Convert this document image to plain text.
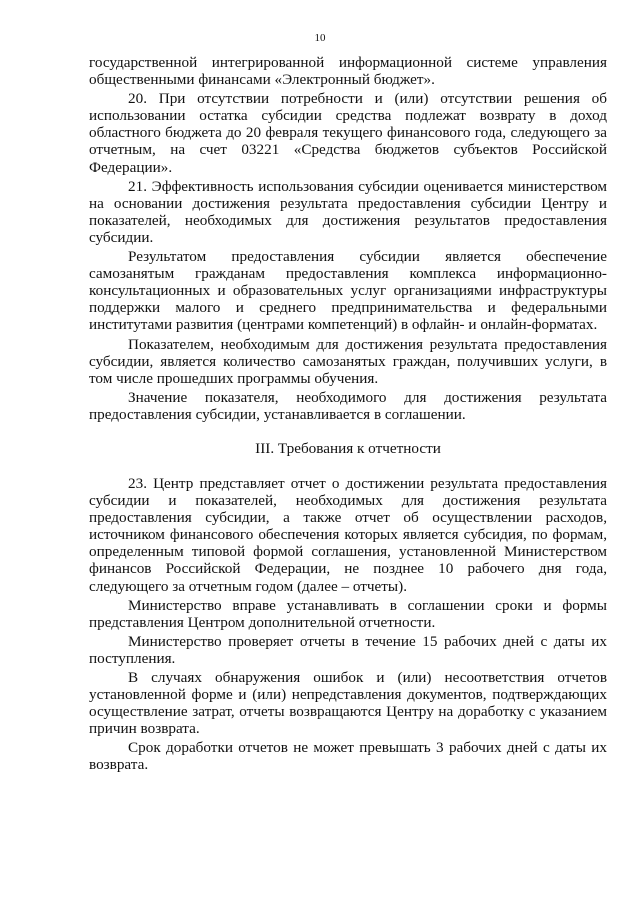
10

государственной интегрированной информационной системе управления общественными финансами «Электронный бюджет».

20. При отсутствии потребности и (или) отсутствии решения об использовании остатка субсидии средства подлежат возврату в доход областного бюджета до 20 февраля текущего финансового года, следующего за отчетным, на счет 03221 «Средства бюджетов субъектов Российской Федерации».

21. Эффективность использования субсидии оценивается министерством на основании достижения результата предоставления субсидии Центру и показателей, необходимых для достижения результатов предоставления субсидии.

Результатом предоставления субсидии является обеспечение самозанятым гражданам предоставления комплекса информационно-консультационных и образовательных услуг организациями инфраструктуры поддержки малого и среднего предпринимательства и федеральными институтами развития (центрами компетенций) в офлайн- и онлайн-форматах.

Показателем, необходимым для достижения результата предоставления субсидии, является количество самозанятых граждан, получивших услуги, в том числе прошедших программы обучения.

Значение показателя, необходимого для достижения результата предоставления субсидии, устанавливается в соглашении.

III. Требования к отчетности

23. Центр представляет отчет о достижении результата предоставления субсидии и показателей, необходимых для достижения результата предоставления субсидии, а также отчет об осуществлении расходов, источником финансового обеспечения которых является субсидия, по формам, определенным типовой формой соглашения, установленной Министерством финансов Российской Федерации, не позднее 10 рабочего дня года, следующего за отчетным годом (далее – отчеты).

Министерство вправе устанавливать в соглашении сроки и формы представления Центром дополнительной отчетности.

Министерство проверяет отчеты в течение 15 рабочих дней с даты их поступления.

В случаях обнаружения ошибок и (или) несоответствия отчетов установленной форме и (или) непредставления документов, подтверждающих осуществление затрат, отчеты возвращаются Центру на доработку с указанием причин возврата.

Срок доработки отчетов не может превышать 3 рабочих дней с даты их возврата.
